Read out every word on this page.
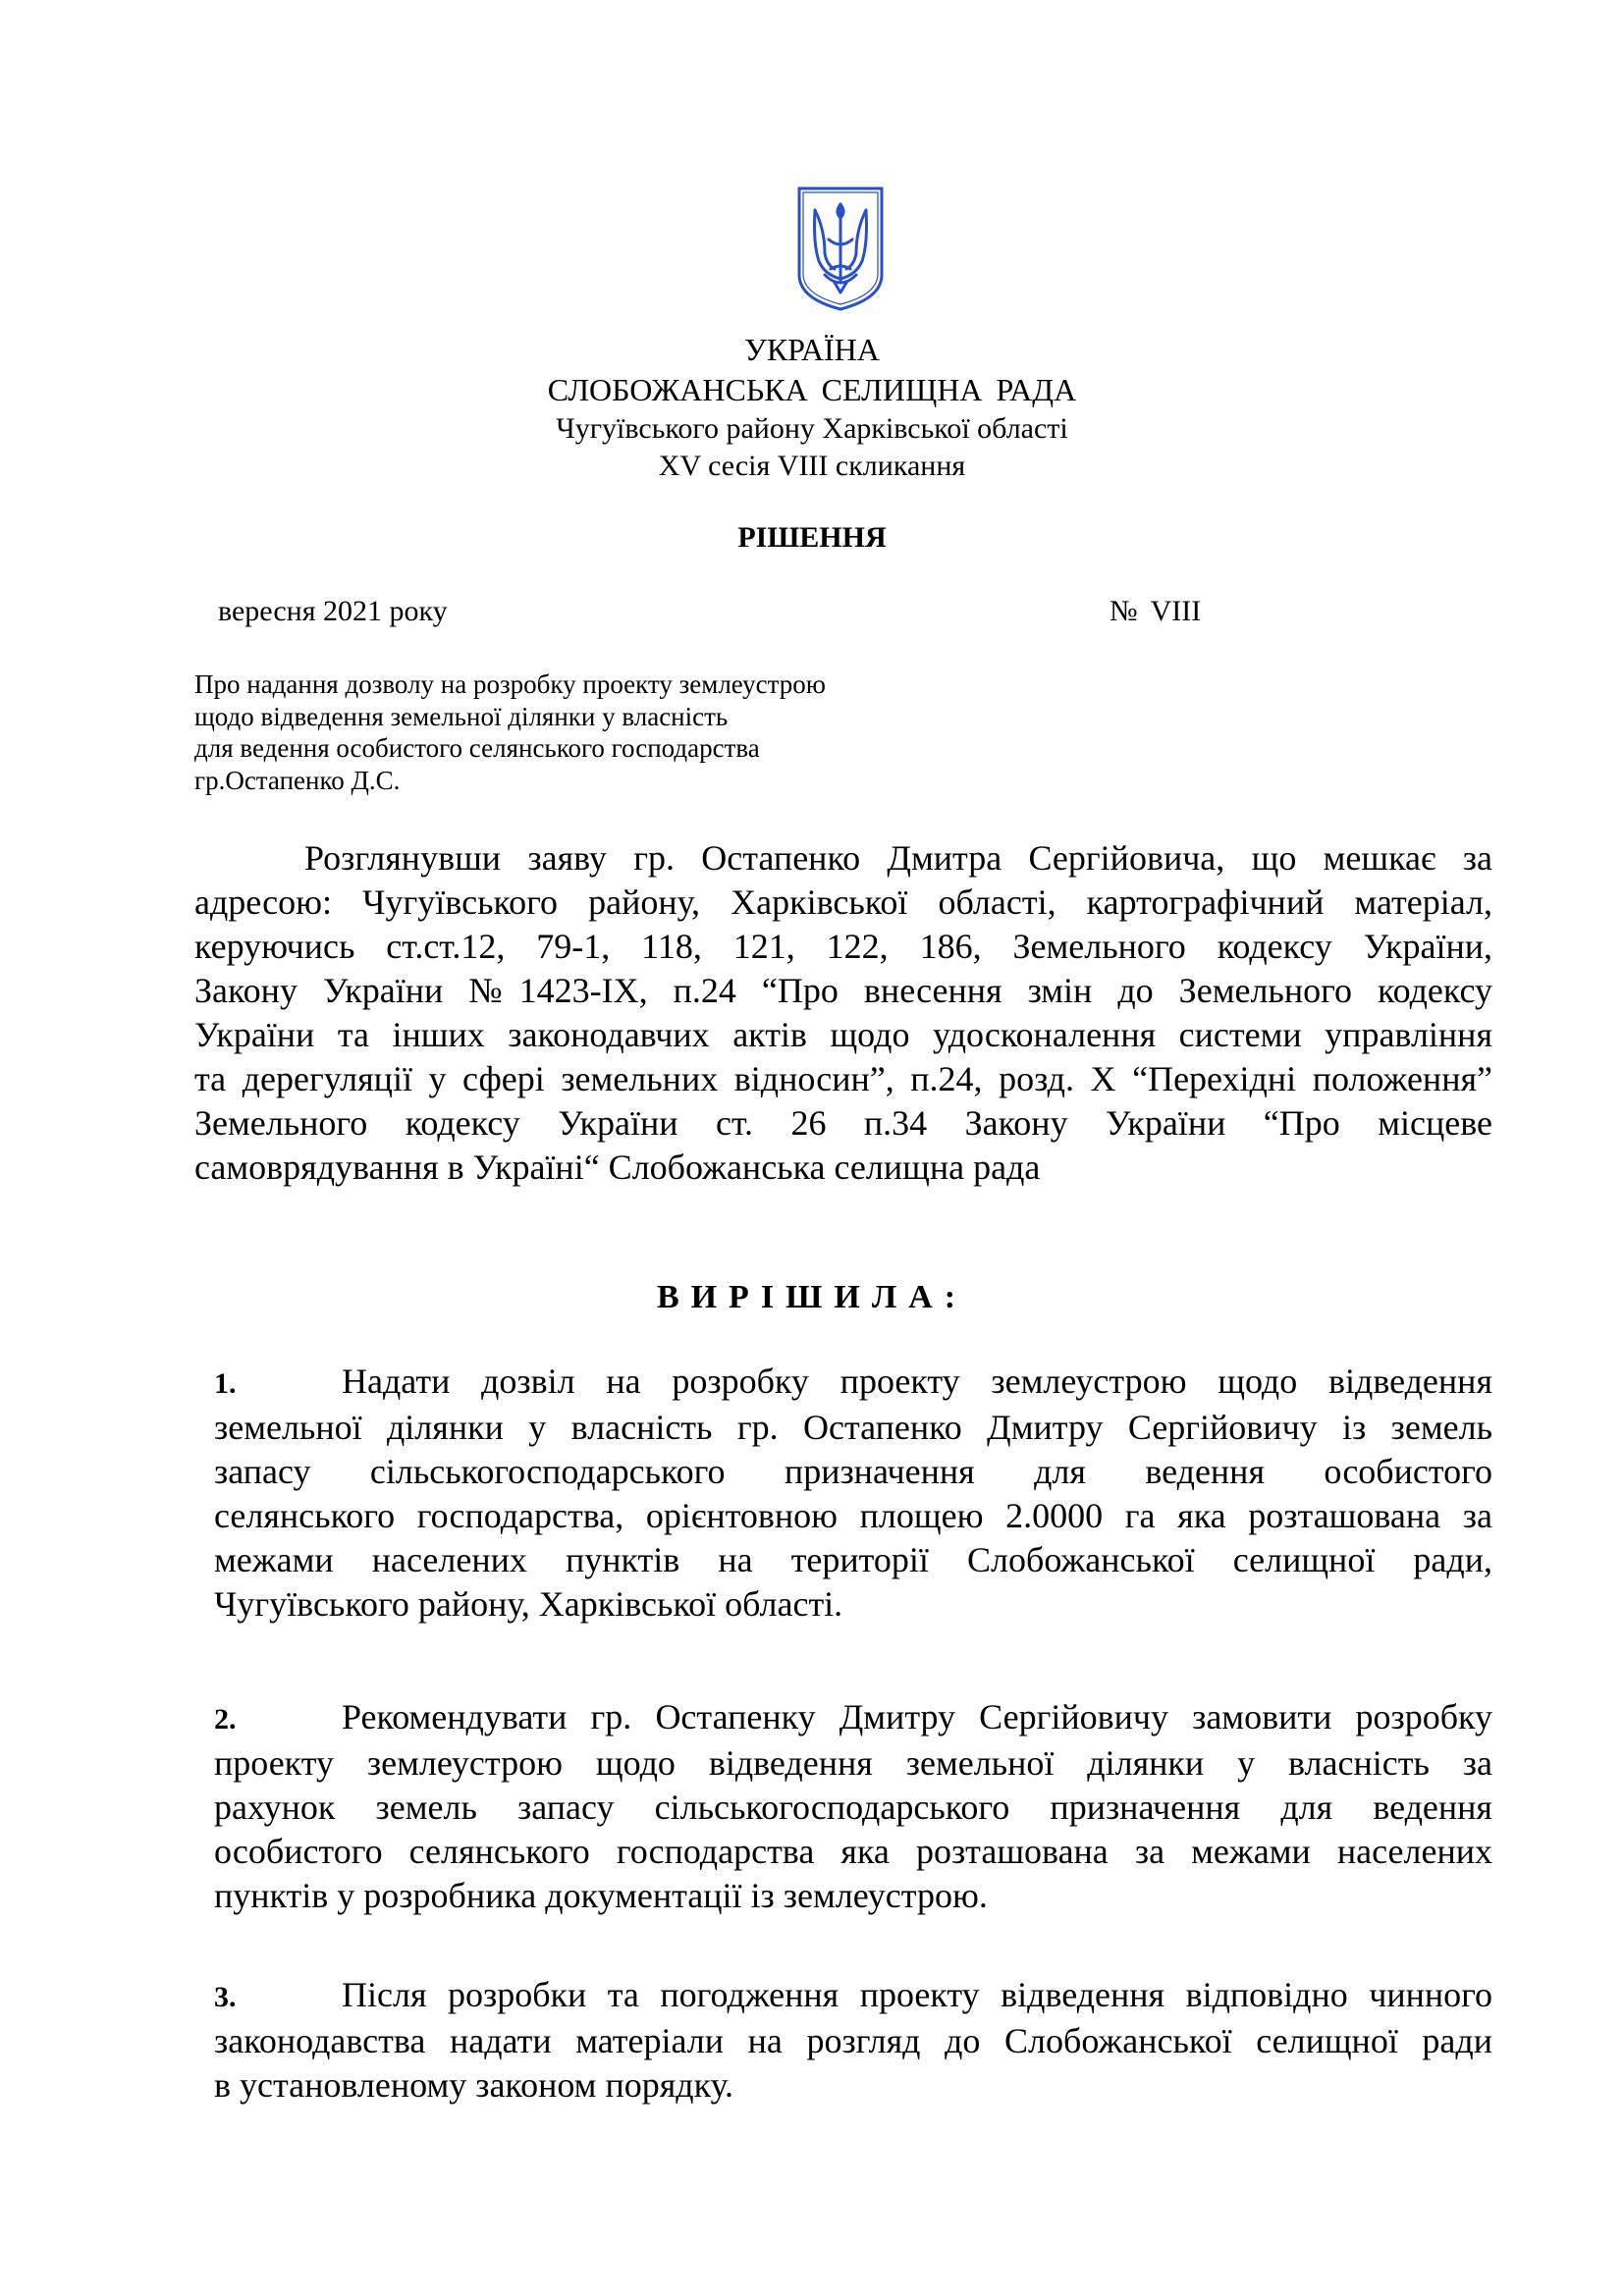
УКРАЇНА
СЛОБОЖАНСЬКА СЕЛИЩНА РАДА
Чугуївського району Харківської області
XV сесія VIII скликання
РІШЕННЯ
вересня 2021 року	№ VIII
Про надання дозволу на розробку проекту землеустрою
щодо відведення земельної ділянки у власність
для ведення особистого селянського господарства
гр.Остапенко Д.С.
Розглянувши заяву гр. Остапенко Дмитра Сергійовича, що мешкає за
адресою: Чугуївського району, Харківської області, картографічний матеріал,
керуючись ст.ст.12, 79-1, 118, 121, 122, 186, Земельного кодексу України,
Закону України №1423-ІХ, п.24 “Про внесення змін до Земельного кодексу
України та інших законодавчих актів щодо удосконалення системи управління
та дерегуляції у сфері земельних відносин”, п.24, розд. Х “Перехідні положення”
Земельного кодексу України ст. 26 п.34 Закону України “Про місцеве
самоврядування в Україні“ Слобожанська селищна рада
ВИРІШИЛА:
1.	Надати дозвіл на розробку проекту землеустрою щодо відведення
земельної ділянки у власність гр. Остапенко Дмитру Сергійовичу із земель
запасу сільськогосподарського призначення для ведення особистого
селянського господарства, орієнтовною площею 2.0000 га яка розташована за
межами населених пунктів на території Слобожанської селищної ради,
Чугуївського району, Харківської області.
2.	Рекомендувати гр. Остапенку Дмитру Сергійовичу замовити розробку
проекту землеустрою щодо відведення земельної ділянки у власність за
рахунок земель запасу сільськогосподарського призначення для ведення
особистого селянського господарства яка розташована за межами населених
пунктів у розробника документації із землеустрою.
3.	Після розробки та погодження проекту відведення відповідно чинного
законодавства надати матеріали на розгляд до Слобожанської селищної ради
в установленому законом порядку.
